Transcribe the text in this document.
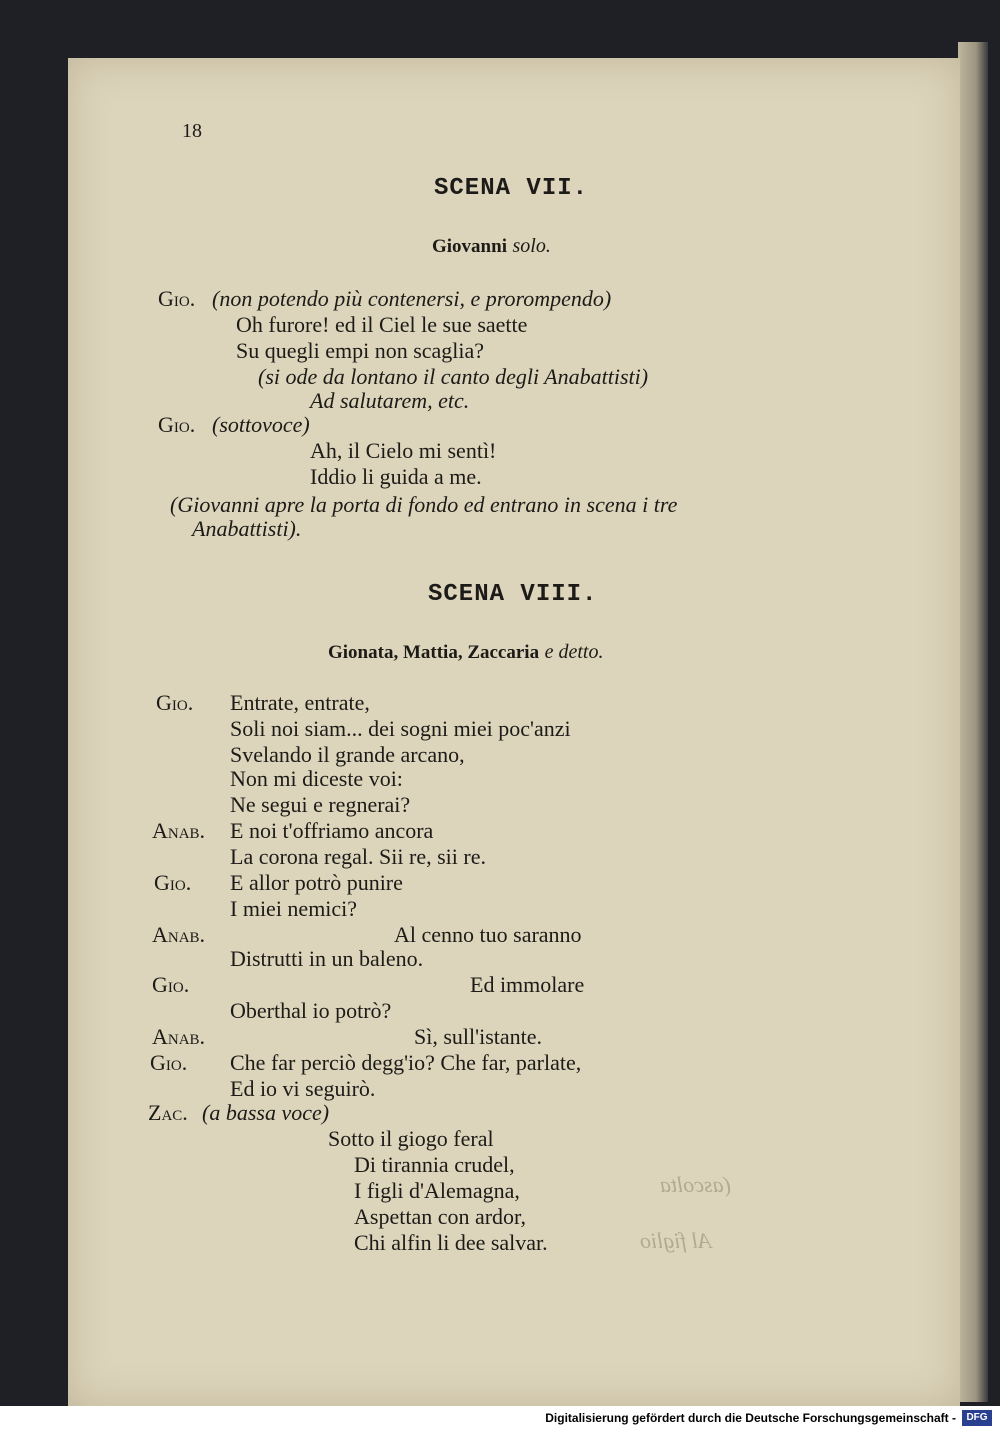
18
SCENA VII.
Giovanni solo.
Gio. (non potendo più contenersi, e prorompendo)
Oh furore! ed il Ciel le sue saette
Su quegli empi non scaglia?
(si ode da lontano il canto degli Anabattisti)
Ad salutarem, etc.
Gio. (sottovoce)
Ah, il Cielo mi sentì!
Iddio li guida a me.
(Giovanni apre la porta di fondo ed entrano in scena i tre
Anabattisti).
SCENA VIII.
Gionata, Mattia, Zaccaria e detto.
Gio. Entrate, entrate,
Soli noi siam... dei sogni miei poc'anzi
Svelando il grande arcano,
Non mi diceste voi:
Ne segui e regnerai?
Anab. E noi t'offriamo ancora
La corona regal. Sii re, sii re.
Gio. E allor potrò punire
I miei nemici?
Anab.	Al cenno tuo saranno
Distrutti in un baleno.
Gio.	Ed immolare
Oberthal io potrò?
Anab.	Sì, sull'istante.
Gio. Che far perciò degg'io? Che far, parlate,
Ed io vi seguirò.
Zac. (a bassa voce)
Sotto il giogo feral
Di tirannia crudel,
I figli d'Alemagna,
Aspettan con ardor,
Chi alfin li dee salvar.
(ascolta
Al figlio
Digitalisierung gefördert durch die Deutsche Forschungsgemeinschaft -	DFG
